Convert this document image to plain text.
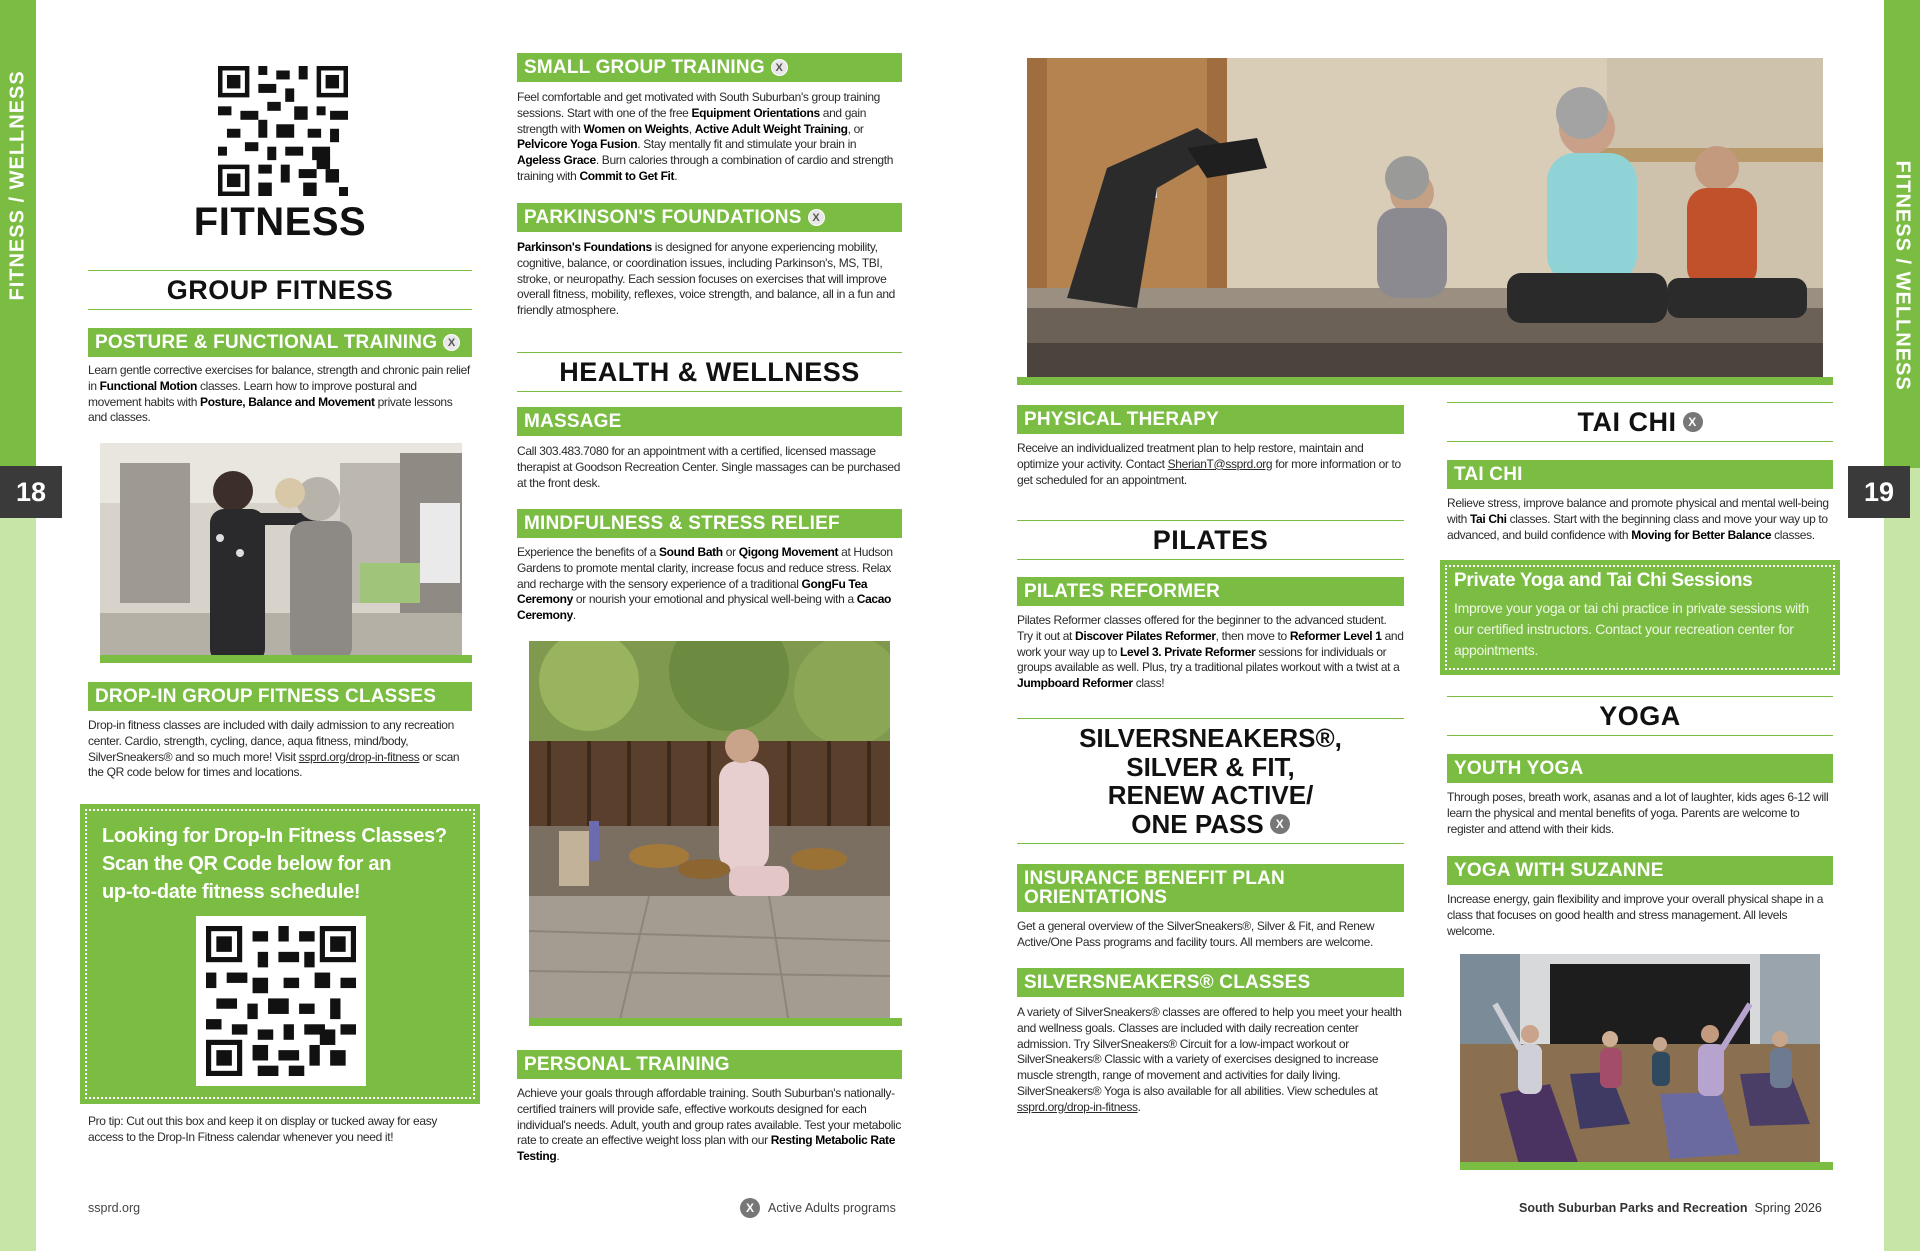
FITNESS / WELLNESS
18
FITNESS / WELLNESS
19
FITNESS
GROUP FITNESS
POSTURE & FUNCTIONAL TRAINING X
Learn gentle corrective exercises for balance, strength and chronic pain relief in Functional Motion classes. Learn how to improve postural and movement habits with Posture, Balance and Movement private lessons and classes.
DROP-IN GROUP FITNESS CLASSES
Drop-in fitness classes are included with daily admission to any recreation center. Cardio, strength, cycling, dance, aqua fitness, mind/body, SilverSneakers® and so much more! Visit ssprd.org/drop-in-fitness or scan the QR code below for times and locations.
Looking for Drop-In Fitness Classes?
Scan the QR Code below for an
up-to-date fitness schedule!
Pro tip: Cut out this box and keep it on display or tucked away for easy access to the Drop-In Fitness calendar whenever you need it!
ssprd.org
SMALL GROUP TRAINING X
Feel comfortable and get motivated with South Suburban's group training sessions. Start with one of the free Equipment Orientations and gain strength with Women on Weights, Active Adult Weight Training, or Pelvicore Yoga Fusion. Stay mentally fit and stimulate your brain in Ageless Grace. Burn calories through a combination of cardio and strength training with Commit to Get Fit.
PARKINSON'S FOUNDATIONS X
Parkinson's Foundations is designed for anyone experiencing mobility, cognitive, balance, or coordination issues, including Parkinson's, MS, TBI, stroke, or neuropathy. Each session focuses on exercises that will improve overall fitness, mobility, reflexes, voice strength, and balance, all in a fun and friendly atmosphere.
HEALTH & WELLNESS
MASSAGE
Call 303.483.7080 for an appointment with a certified, licensed massage therapist at Goodson Recreation Center. Single massages can be purchased at the front desk.
MINDFULNESS & STRESS RELIEF
Experience the benefits of a Sound Bath or Qigong Movement at Hudson Gardens to promote mental clarity, increase focus and reduce stress. Relax and recharge with the sensory experience of a traditional GongFu Tea Ceremony or nourish your emotional and physical well-being with a Cacao Ceremony.
PERSONAL TRAINING
Achieve your goals through affordable training. South Suburban's nationally-certified trainers will provide safe, effective workouts designed for each individual's needs. Adult, youth and group rates available. Test your metabolic rate to create an effective weight loss plan with our Resting Metabolic Rate Testing.
X	Active Adults programs
PHYSICAL THERAPY
Receive an individualized treatment plan to help restore, maintain and optimize your activity. Contact SherianT@ssprd.org for more information or to get scheduled for an appointment.
PILATES
PILATES REFORMER
Pilates Reformer classes offered for the beginner to the advanced student. Try it out at Discover Pilates Reformer, then move to Reformer Level 1 and work your way up to Level 3. Private Reformer sessions for individuals or groups available as well. Plus, try a traditional pilates workout with a twist at a Jumpboard Reformer class!
SILVERSNEAKERS®,
SILVER & FIT,
RENEW ACTIVE/
ONE PASS X
INSURANCE BENEFIT PLAN
ORIENTATIONS
Get a general overview of the SilverSneakers®, Silver & Fit, and Renew Active/One Pass programs and facility tours. All members are welcome.
SILVERSNEAKERS® CLASSES
A variety of SilverSneakers® classes are offered to help you meet your health and wellness goals. Classes are included with daily recreation center admission. Try SilverSneakers® Circuit for a low-impact workout or SilverSneakers® Classic with a variety of exercises designed to increase muscle strength, range of movement and activities for daily living. SilverSneakers® Yoga is also available for all abilities. View schedules at ssprd.org/drop-in-fitness.
TAI CHI X
TAI CHI
Relieve stress, improve balance and promote physical and mental well-being with Tai Chi classes. Start with the beginning class and move your way up to advanced, and build confidence with Moving for Better Balance classes.
Private Yoga and Tai Chi Sessions
Improve your yoga or tai chi practice in private sessions with our certified instructors. Contact your recreation center for appointments.
YOGA
YOUTH YOGA
Through poses, breath work, asanas and a lot of laughter, kids ages 6-12 will learn the physical and mental benefits of yoga. Parents are welcome to register and attend with their kids.
YOGA WITH SUZANNE
Increase energy, gain flexibility and improve your overall physical shape in a class that focuses on good health and stress management. All levels welcome.
South Suburban Parks and Recreation Spring 2026
